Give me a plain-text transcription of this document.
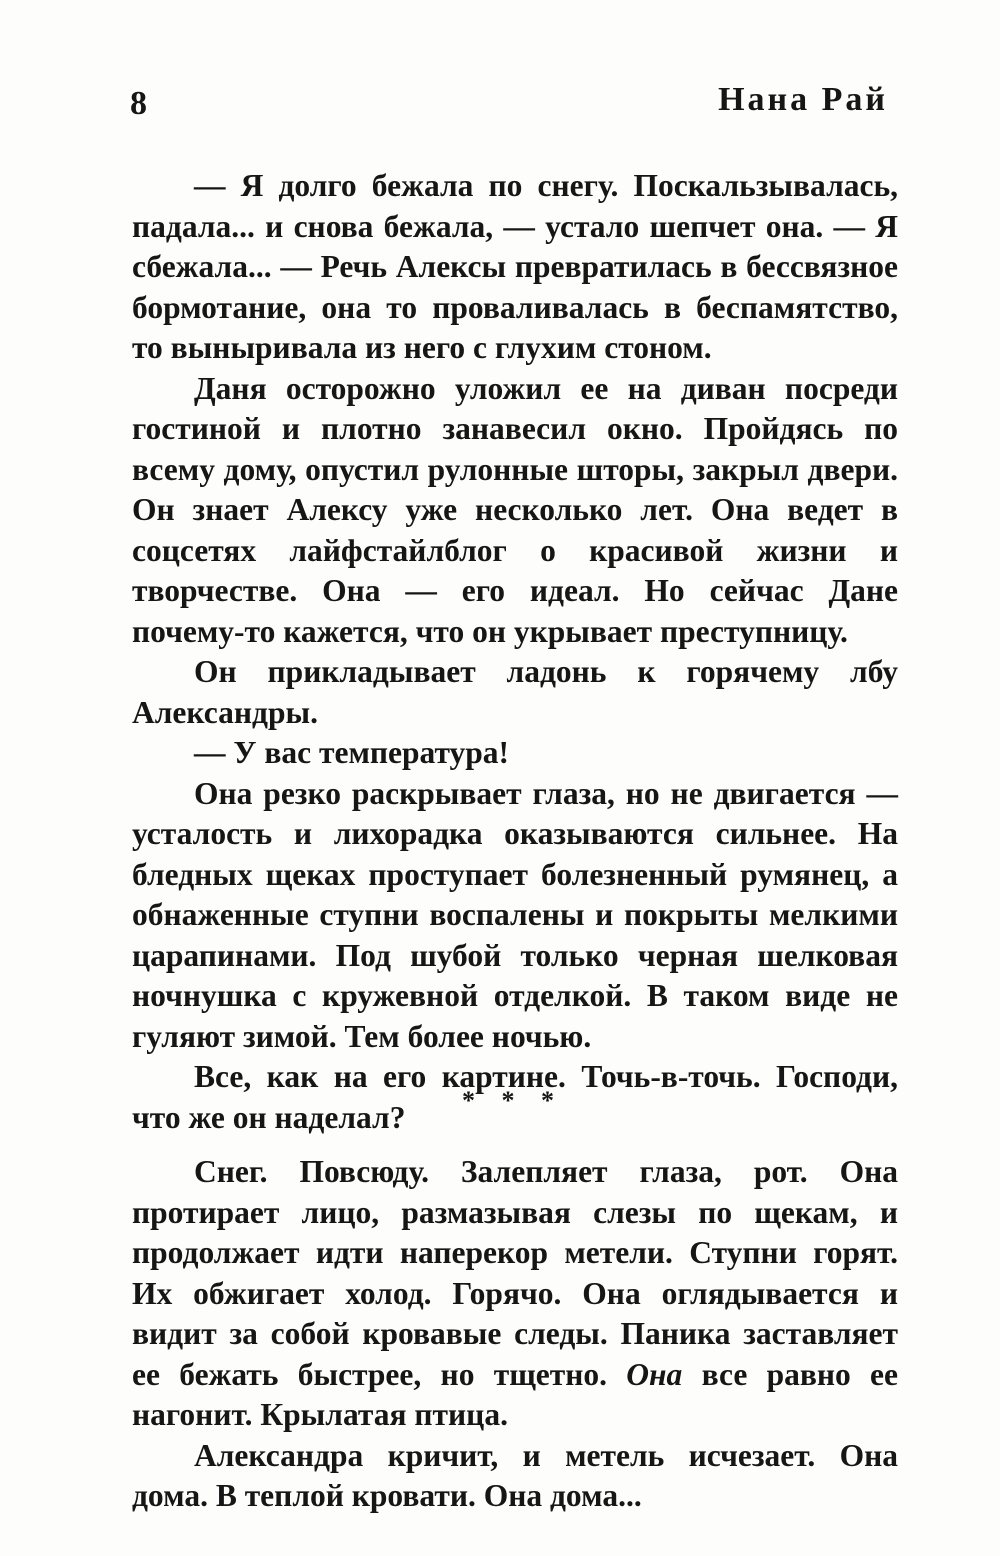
8	Нана Рай

— Я долго бежала по снегу. Поскальзывалась, падала... и снова бежала, — устало шепчет она. — Я сбежала... — Речь Алексы превратилась в бессвязное бормотание, она то проваливалась в беспамятство, то выныривала из него с глухим стоном.

Даня осторожно уложил ее на диван посреди гостиной и плотно занавесил окно. Пройдясь по всему дому, опустил рулонные шторы, закрыл двери. Он знает Алексу уже несколько лет. Она ведет в соцсетях лайфстайлблог о красивой жизни и творчестве. Она — его идеал. Но сейчас Дане почему-то кажется, что он укрывает преступницу.

Он прикладывает ладонь к горячему лбу Александры.

— У вас температура!

Она резко раскрывает глаза, но не двигается — усталость и лихорадка оказываются сильнее. На бледных щеках проступает болезненный румянец, а обнаженные ступни воспалены и покрыты мелкими царапинами. Под шубой только черная шелковая ночнушка с кружевной отделкой. В таком виде не гуляют зимой. Тем более ночью.

Все, как на его картине. Точь-в-точь. Господи, что же он наделал?	* * *

Снег. Повсюду. Залепляет глаза, рот. Она протирает лицо, размазывая слезы по щекам, и продолжает идти наперекор метели. Ступни горят. Их обжигает холод. Горячо. Она оглядывается и видит за собой кровавые следы. Паника заставляет ее бежать быстрее, но тщетно. Она все равно ее нагонит. Крылатая птица.

Александра кричит, и метель исчезает. Она дома. В теплой кровати. Она дома...
